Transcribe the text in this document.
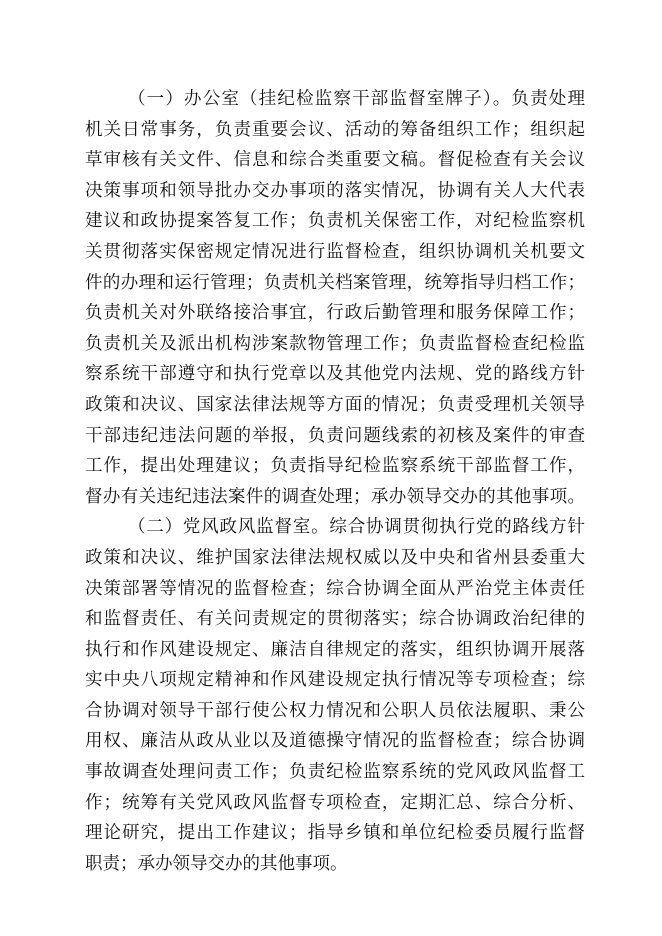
（一）办公室（挂纪检监察干部监督室牌子）。负责处理
机关日常事务，负责重要会议、活动的筹备组织工作；组织起
草审核有关文件、信息和综合类重要文稿。督促检查有关会议
决策事项和领导批办交办事项的落实情况，协调有关人大代表
建议和政协提案答复工作；负责机关保密工作，对纪检监察机
关贯彻落实保密规定情况进行监督检查，组织协调机关机要文
件的办理和运行管理；负责机关档案管理，统筹指导归档工作；
负责机关对外联络接洽事宜，行政后勤管理和服务保障工作；
负责机关及派出机构涉案款物管理工作；负责监督检查纪检监
察系统干部遵守和执行党章以及其他党内法规、党的路线方针
政策和决议、国家法律法规等方面的情况；负责受理机关领导
干部违纪违法问题的举报，负责问题线索的初核及案件的审查
工作，提出处理建议；负责指导纪检监察系统干部监督工作，
督办有关违纪违法案件的调查处理；承办领导交办的其他事项。
（二）党风政风监督室。综合协调贯彻执行党的路线方针
政策和决议、维护国家法律法规权威以及中央和省州县委重大
决策部署等情况的监督检查；综合协调全面从严治党主体责任
和监督责任、有关问责规定的贯彻落实；综合协调政治纪律的
执行和作风建设规定、廉洁自律规定的落实，组织协调开展落
实中央八项规定精神和作风建设规定执行情况等专项检查；综
合协调对领导干部行使公权力情况和公职人员依法履职、秉公
用权、廉洁从政从业以及道德操守情况的监督检查；综合协调
事故调查处理问责工作；负责纪检监察系统的党风政风监督工
作；统筹有关党风政风监督专项检查，定期汇总、综合分析、
理论研究，提出工作建议；指导乡镇和单位纪检委员履行监督
职责；承办领导交办的其他事项。
